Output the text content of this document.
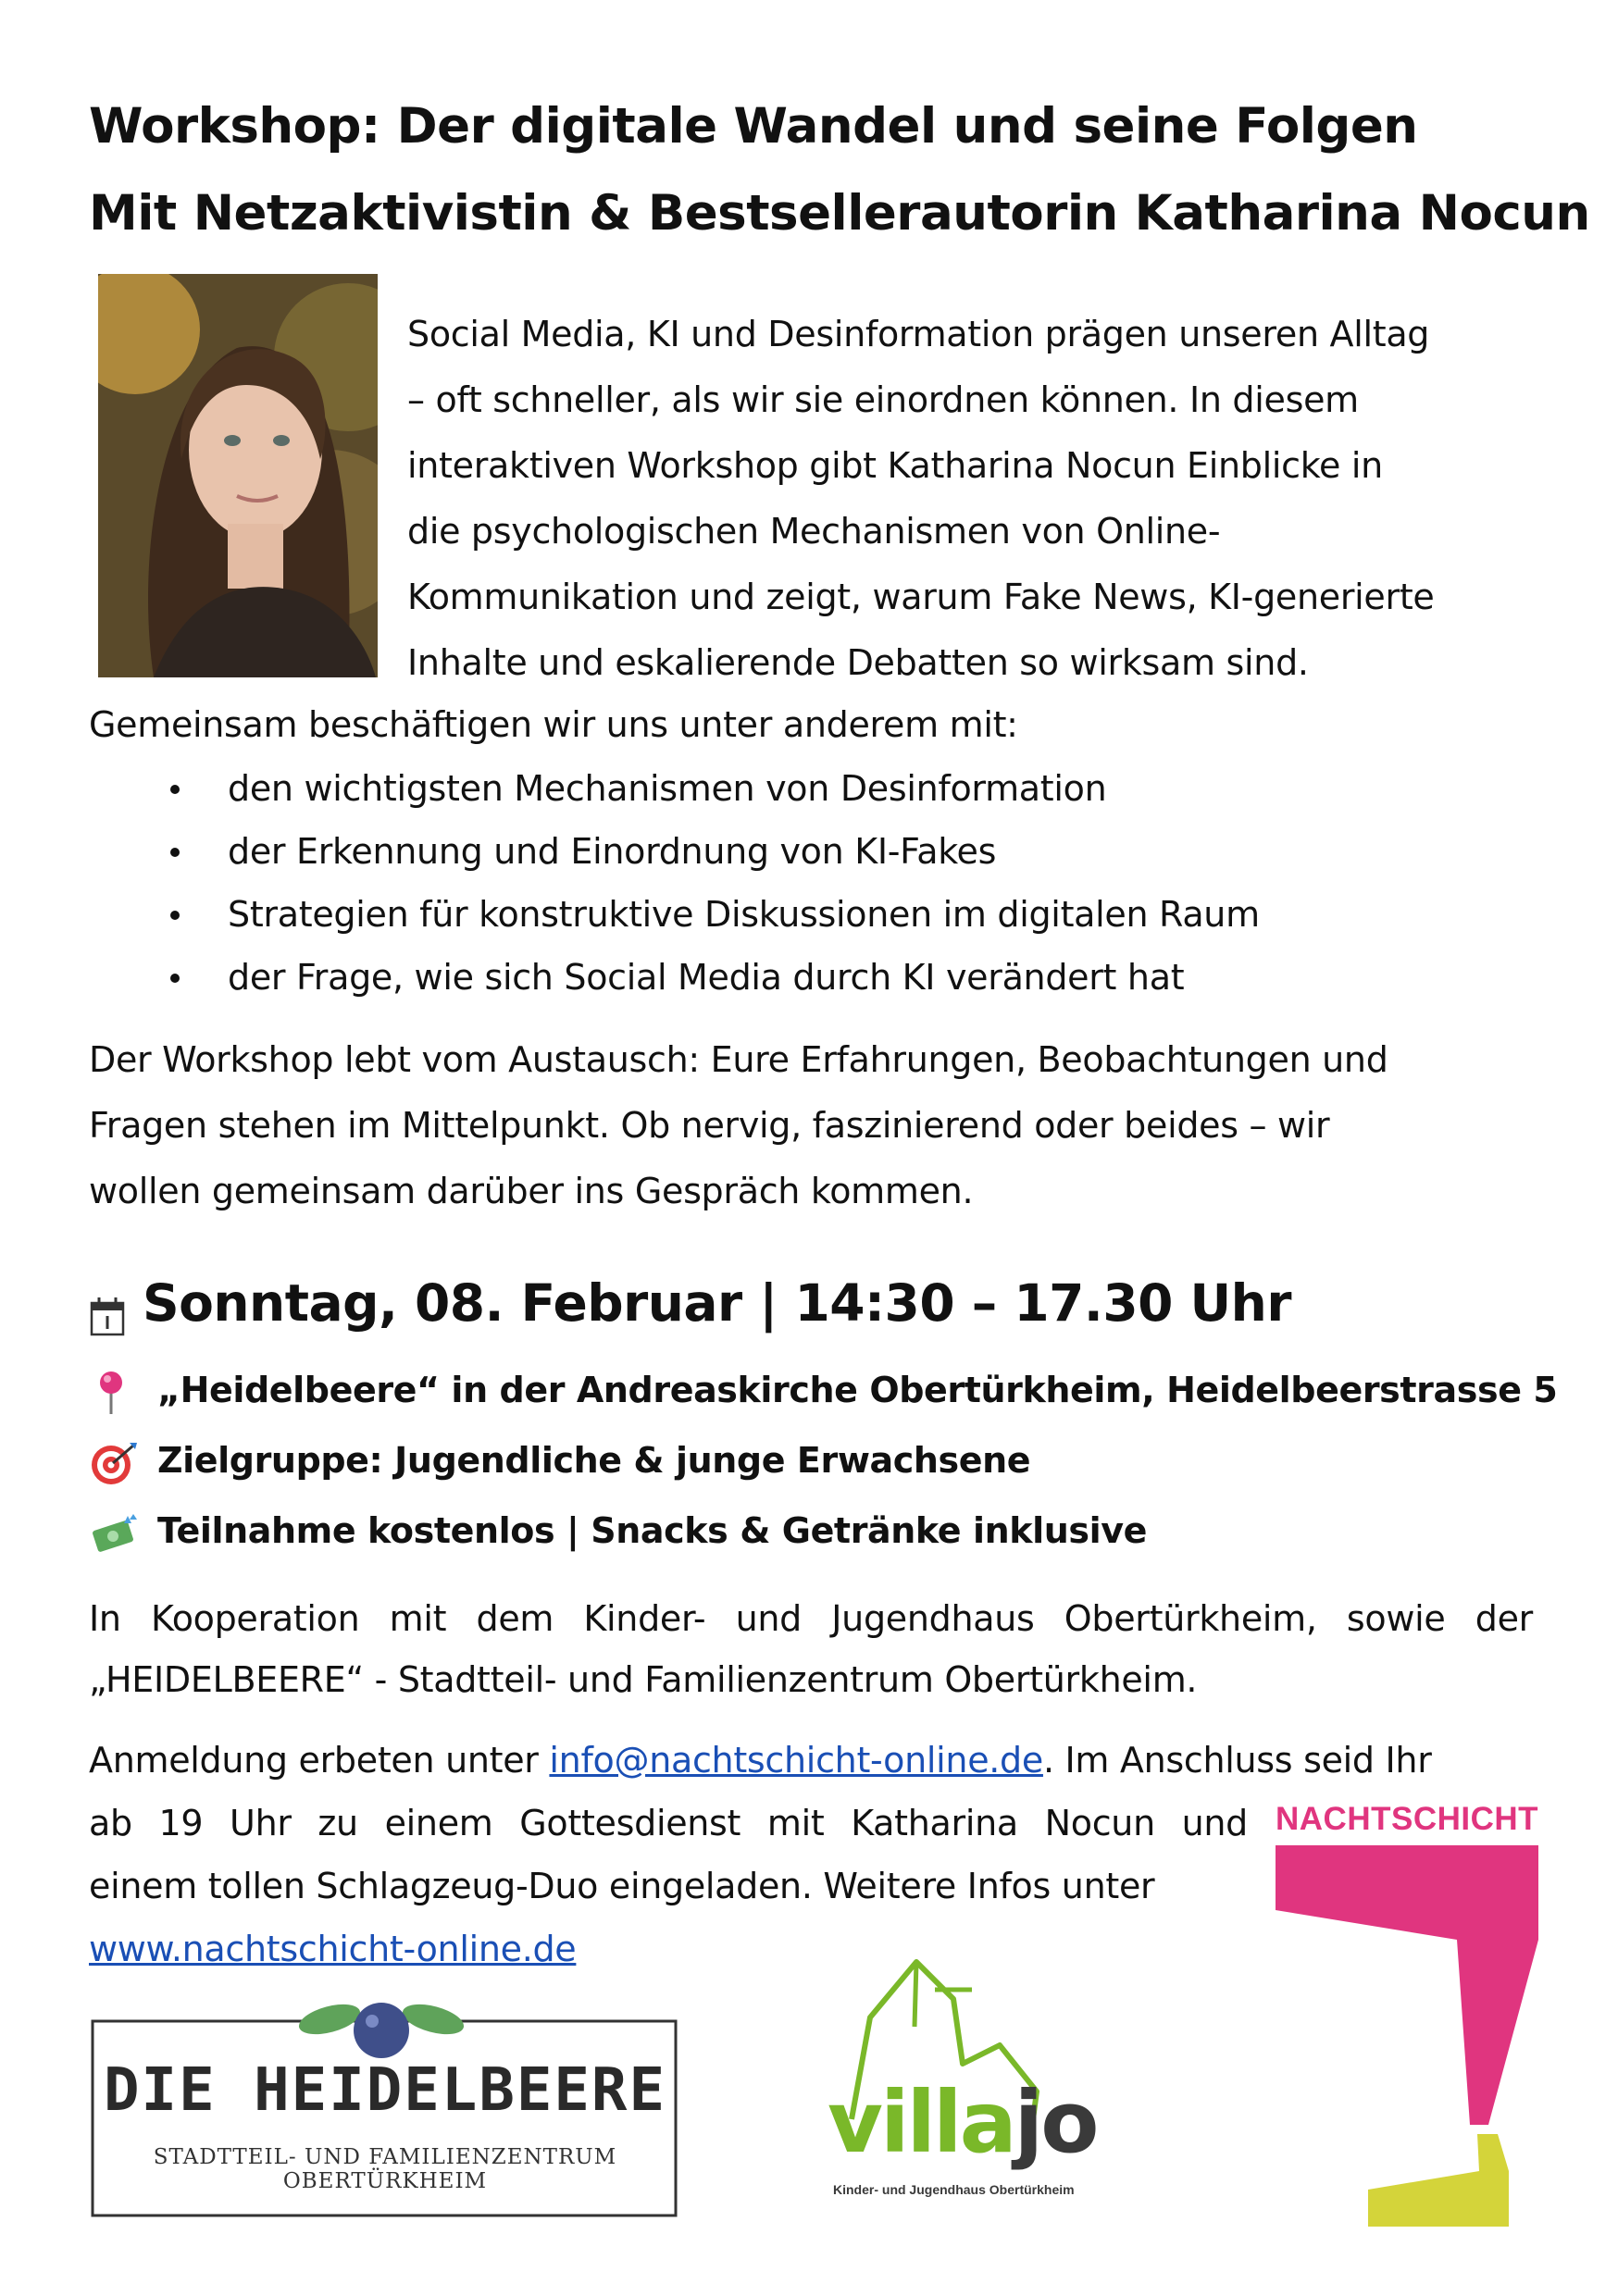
Workshop: Der digitale Wandel und seine Folgen
Mit Netzaktivistin & Bestsellerautorin Katharina Nocun
Social Media, KI und Desinformation prägen unseren Alltag
– oft schneller, als wir sie einordnen können. In diesem
interaktiven Workshop gibt Katharina Nocun Einblicke in
die psychologischen Mechanismen von Online-
Kommunikation und zeigt, warum Fake News, KI-generierte
Inhalte und eskalierende Debatten so wirksam sind.
Gemeinsam beschäftigen wir uns unter anderem mit:
den wichtigsten Mechanismen von Desinformation
der Erkennung und Einordnung von KI-Fakes
Strategien für konstruktive Diskussionen im digitalen Raum
der Frage, wie sich Social Media durch KI verändert hat
Der Workshop lebt vom Austausch: Eure Erfahrungen, Beobachtungen und
Fragen stehen im Mittelpunkt. Ob nervig, faszinierend oder beides – wir
wollen gemeinsam darüber ins Gespräch kommen.
Sonntag, 08. Februar | 14:30 – 17.30 Uhr
„Heidelbeere“ in der Andreaskirche Obertürkheim, Heidelbeerstrasse 5
Zielgruppe: Jugendliche & junge Erwachsene
Teilnahme kostenlos | Snacks & Getränke inklusive
In Kooperation mit dem Kinder- und Jugendhaus Obertürkheim, sowie der
„HEIDELBEERE“ - Stadtteil- und Familienzentrum Obertürkheim.
Anmeldung erbeten unter info@nachtschicht-online.de. Im Anschluss seid Ihr
ab 19 Uhr zu einem Gottesdienst mit Katharina Nocun und
einem tollen Schlagzeug-Duo eingeladen. Weitere Infos unter
www.nachtschicht-online.de
NACHTSCHICHT
DIE HEIDELBEERE
STADTTEIL- UND FAMILIENZENTRUM OBERTÜRKHEIM
villajo
Kinder- und Jugendhaus Obertürkheim
